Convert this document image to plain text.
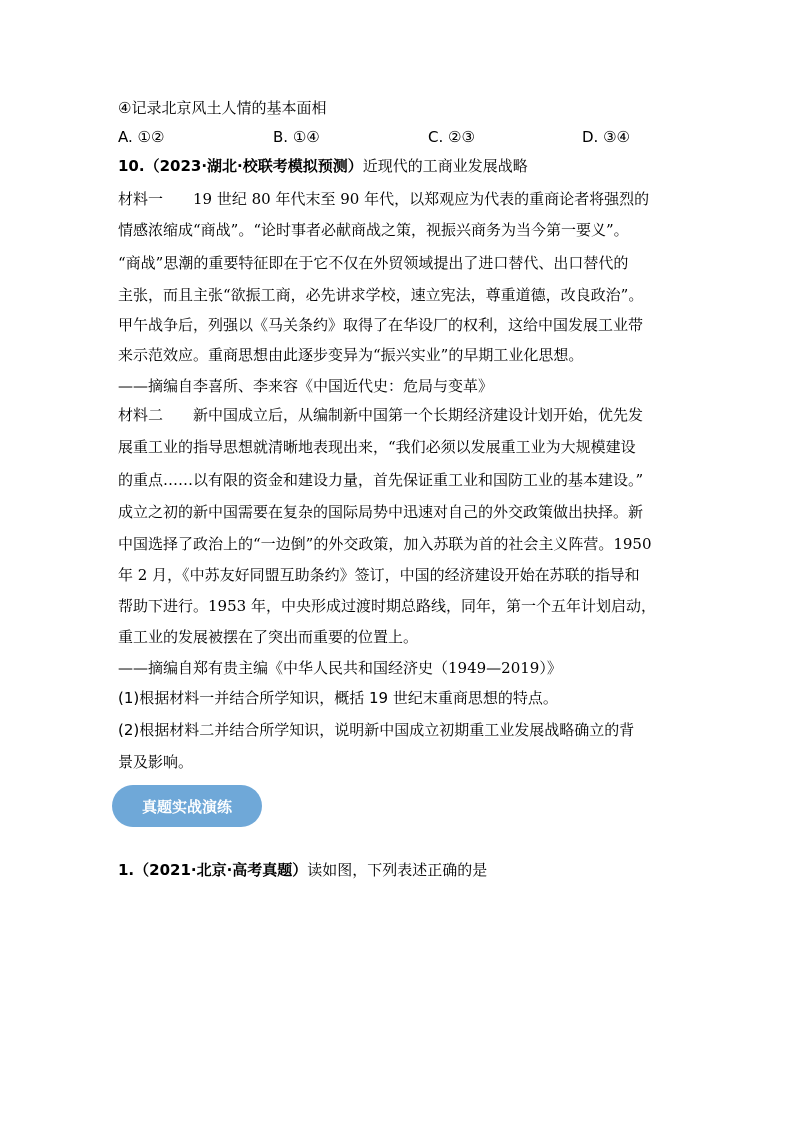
④记录北京风土人情的基本面相
A. ①②	B. ①④	C. ②③	D. ③④
10.（2023·湖北·校联考模拟预测）近现代的工商业发展战略
材料一　　19 世纪 80 年代末至 90 年代，以郑观应为代表的重商论者将强烈的
情感浓缩成“商战”。“论时事者必献商战之策，视振兴商务为当今第一要义”。
“商战”思潮的重要特征即在于它不仅在外贸领域提出了进口替代、出口替代的
主张，而且主张“欲振工商，必先讲求学校，速立宪法，尊重道德，改良政治”。
甲午战争后，列强以《马关条约》取得了在华设厂的权利，这给中国发展工业带
来示范效应。重商思想由此逐步变异为“振兴实业”的早期工业化思想。
——摘编自李喜所、李来容《中国近代史：危局与变革》
材料二　　新中国成立后，从编制新中国第一个长期经济建设计划开始，优先发
展重工业的指导思想就清晰地表现出来，“我们必须以发展重工业为大规模建设
的重点……以有限的资金和建设力量，首先保证重工业和国防工业的基本建设。”
成立之初的新中国需要在复杂的国际局势中迅速对自己的外交政策做出抉择。新
中国选择了政治上的“一边倒”的外交政策，加入苏联为首的社会主义阵营。1950
年 2 月，《中苏友好同盟互助条约》签订，中国的经济建设开始在苏联的指导和
帮助下进行。1953 年，中央形成过渡时期总路线，同年，第一个五年计划启动，
重工业的发展被摆在了突出而重要的位置上。
——摘编自郑有贵主编《中华人民共和国经济史（1949—2019）》
(1)根据材料一并结合所学知识，概括 19 世纪末重商思想的特点。
(2)根据材料二并结合所学知识，说明新中国成立初期重工业发展战略确立的背
景及影响。
真题实战演练
1.（2021·北京·高考真题）读如图，下列表述正确的是
